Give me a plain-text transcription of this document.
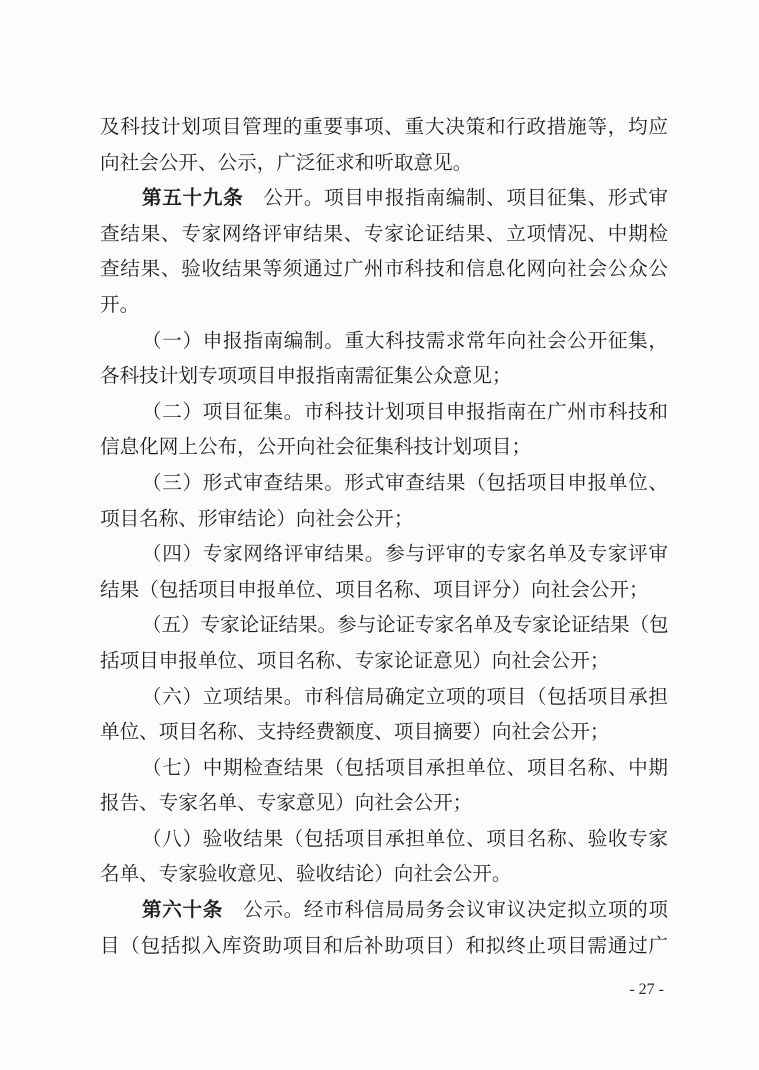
及科技计划项目管理的重要事项、重大决策和行政措施等，均应
向社会公开、公示，广泛征求和听取意见。
第五十九条 公开。项目申报指南编制、项目征集、形式审
查结果、专家网络评审结果、专家论证结果、立项情况、中期检
查结果、验收结果等须通过广州市科技和信息化网向社会公众公
开。
（一）申报指南编制。重大科技需求常年向社会公开征集，
各科技计划专项项目申报指南需征集公众意见；
（二）项目征集。市科技计划项目申报指南在广州市科技和
信息化网上公布，公开向社会征集科技计划项目；
（三）形式审查结果。形式审查结果（包括项目申报单位、
项目名称、形审结论）向社会公开；
（四）专家网络评审结果。参与评审的专家名单及专家评审
结果（包括项目申报单位、项目名称、项目评分）向社会公开；
（五）专家论证结果。参与论证专家名单及专家论证结果（包
括项目申报单位、项目名称、专家论证意见）向社会公开；
（六）立项结果。市科信局确定立项的项目（包括项目承担
单位、项目名称、支持经费额度、项目摘要）向社会公开；
（七）中期检查结果（包括项目承担单位、项目名称、中期
报告、专家名单、专家意见）向社会公开；
（八）验收结果（包括项目承担单位、项目名称、验收专家
名单、专家验收意见、验收结论）向社会公开。
第六十条 公示。经市科信局局务会议审议决定拟立项的项
目（包括拟入库资助项目和后补助项目）和拟终止项目需通过广
- 27 -
